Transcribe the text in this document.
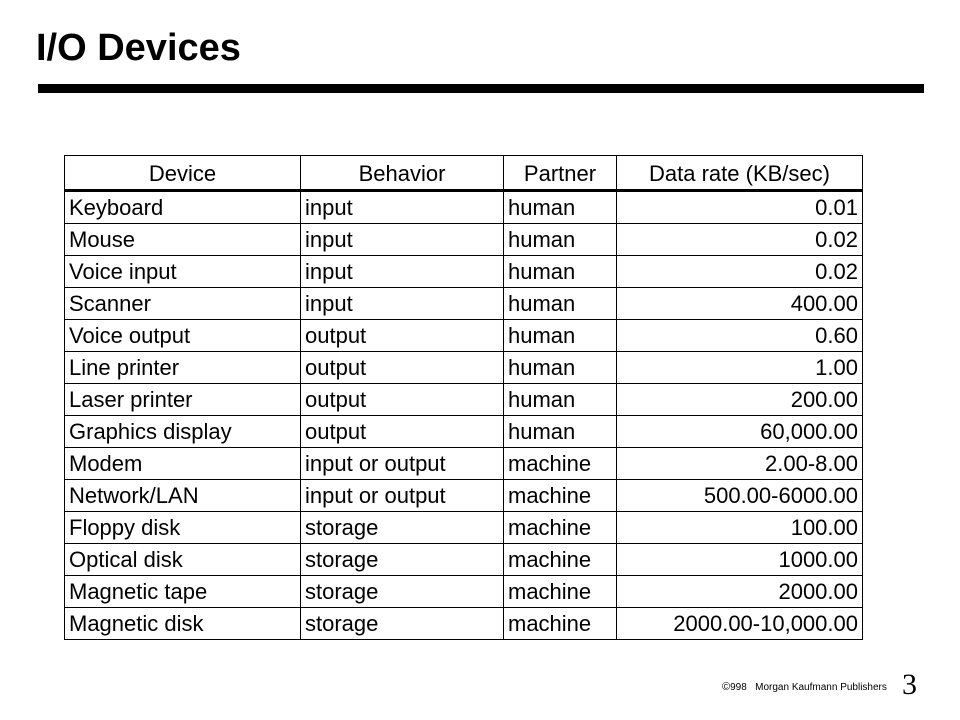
I/O Devices
Device	Behavior	Partner	Data rate (KB/sec)
Keyboard	input	human	0.01
Mouse	input	human	0.02
Voice input	input	human	0.02
Scanner	input	human	400.00
Voice output	output	human	0.60
Line printer	output	human	1.00
Laser printer	output	human	200.00
Graphics display	output	human	60,000.00
Modem	input or output	machine	2.00-8.00
Network/LAN	input or output	machine	500.00-6000.00
Floppy disk	storage	machine	100.00
Optical disk	storage	machine	1000.00
Magnetic tape	storage	machine	2000.00
Magnetic disk	storage	machine	2000.00-10,000.00
©998 Morgan Kaufmann Publishers 3
